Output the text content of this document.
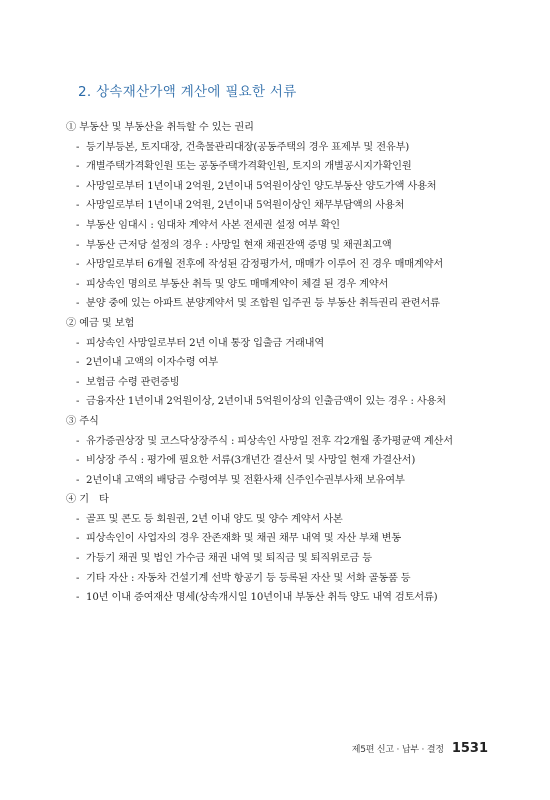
2. 상속재산가액 계산에 필요한 서류
① 부동산 및 부동산을 취득할 수 있는 권리
- 등기부등본, 토지대장, 건축물관리대장(공동주택의 경우 표제부 및 전유부)
- 개별주택가격확인원 또는 공동주택가격확인원, 토지의 개별공시지가확인원
- 사망일로부터 1년이내 2억원, 2년이내 5억원이상인 양도부동산 양도가액 사용처
- 사망일로부터 1년이내 2억원, 2년이내 5억원이상인 채무부담액의 사용처
- 부동산 임대시 : 임대차 계약서 사본 전세권 설정 여부 확인
- 부동산 근저당 설정의 경우 : 사망일 현재 채권잔액 증명 및 채권최고액
- 사망일로부터 6개월 전후에 작성된 감정평가서, 매매가 이루어 진 경우 매매계약서
- 피상속인 명의로 부동산 취득 및 양도 매매계약이 체결 된 경우 계약서
- 분양 중에 있는 아파트 분양계약서 및 조합원 입주권 등 부동산 취득권리 관련서류
② 예금 및 보험
- 피상속인 사망일로부터 2년 이내 통장 입출금 거래내역
- 2년이내 고액의 이자수령 여부
- 보험금 수령 관련증빙
- 금융자산 1년이내 2억원이상, 2년이내 5억원이상의 인출금액이 있는 경우 : 사용처
③ 주식
- 유가증권상장 및 코스닥상장주식 : 피상속인 사망일 전후 각2개월 종가평균액 계산서
- 비상장 주식 : 평가에 필요한 서류(3개년간 결산서 및 사망일 현재 가결산서)
- 2년이내 고액의 배당금 수령여부 및 전환사채 신주인수권부사채 보유여부
④ 기　타
- 골프 및 콘도 등 회원권, 2년 이내 양도 및 양수 계약서 사본
- 피상속인이 사업자의 경우 잔존재화 및 채권 채무 내역 및 자산 부채 변동
- 가등기 채권 및 법인 가수금 채권 내역 및 퇴직금 및 퇴직위로금 등
- 기타 자산 : 자동차 건설기계 선박 항공기 등 등록된 자산 및 서화 골동품 등
- 10년 이내 증여재산 명세(상속개시일 10년이내 부동산 취득 양도 내역 검토서류)
제5편 신고 · 납부 · 결정 1531
